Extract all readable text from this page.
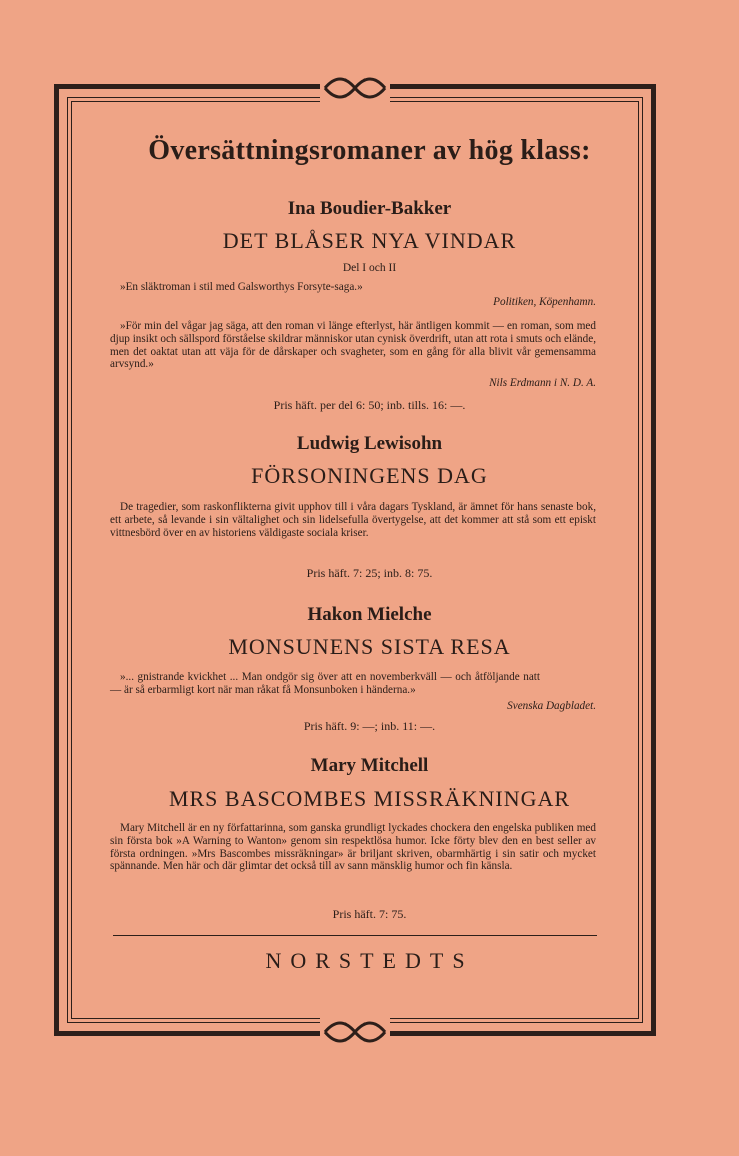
Översättningsromaner av hög klass:
Ina Boudier-Bakker
DET BLÅSER NYA VINDAR
Del I och II
»En släktroman i stil med Galsworthys Forsyte-saga.»
Politiken, Köpenhamn.
»För min del vågar jag säga, att den roman vi länge efterlyst, här äntligen kommit — en roman, som med djup insikt och sällspord förståelse skildrar människor utan cynisk överdrift, utan att rota i smuts och elände, men det oaktat utan att väja för de dårskaper och svagheter, som en gång för alla blivit vår gemensamma arvsynd.»
Nils Erdmann i N. D. A.
Pris häft. per del 6: 50; inb. tills. 16: —.
Ludwig Lewisohn
FÖRSONINGENS DAG
De tragedier, som raskonflikterna givit upphov till i våra dagars Tyskland, är ämnet för hans senaste bok, ett arbete, så levande i sin vältalighet och sin lidelsefulla övertygelse, att det kommer att stå som ett episkt vittnesbörd över en av historiens väldigaste sociala kriser.
Pris häft. 7: 25; inb. 8: 75.
Hakon Mielche
MONSUNENS SISTA RESA
»... gnistrande kvickhet ... Man ondgör sig över att en novemberkväll — och åtföljande natt — är så erbarmligt kort när man råkat få Monsunboken i händerna.»
Svenska Dagbladet.
Pris häft. 9: —; inb. 11: —.
Mary Mitchell
MRS BASCOMBES MISSRÄKNINGAR
Mary Mitchell är en ny författarinna, som ganska grundligt lyckades chockera den engelska publiken med sin första bok »A Warning to Wanton» genom sin respektlösa humor. Icke förty blev den en best seller av första ordningen. »Mrs Bascombes missräkningar» är briljant skriven, obarmhärtig i sin satir och mycket spännande. Men här och där glimtar det också till av sann mänsklig humor och fin känsla.
Pris häft. 7: 75.
NORSTEDTS
